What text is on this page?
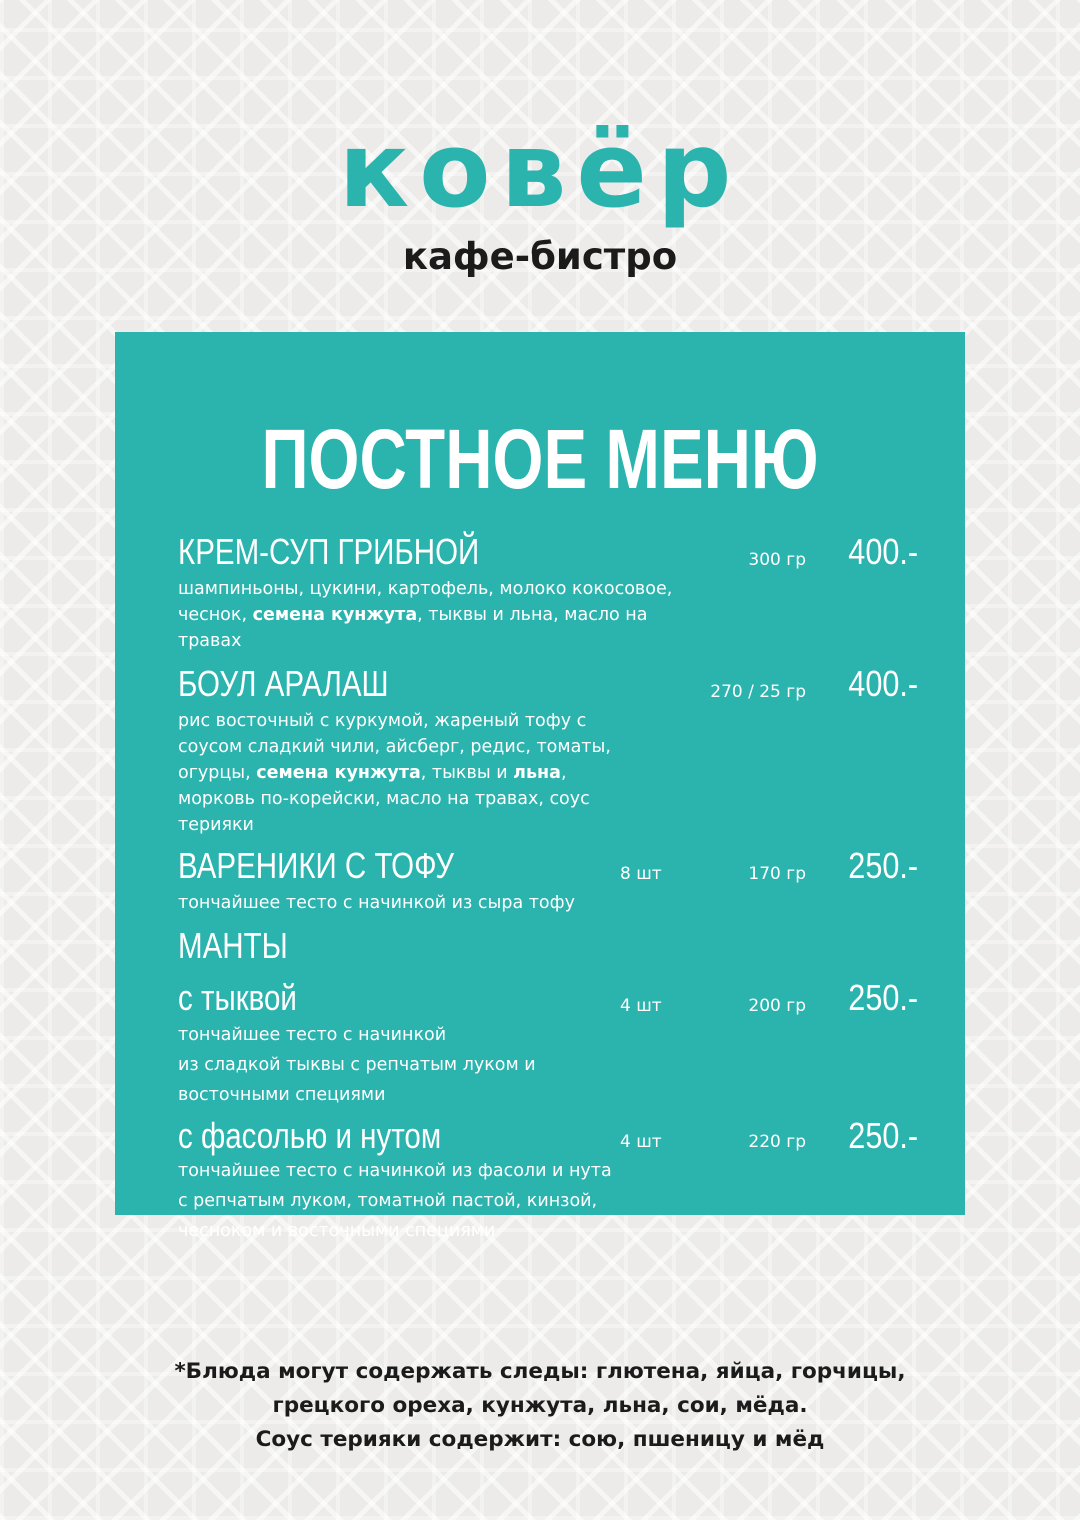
ковёр
кафе-бистро
ПОСТНОЕ МЕНЮ
КРЕМ-СУП ГРИБНОЙ	300 гр 400.-
шампиньоны, цукини, картофель, молоко кокосовое, чеснок, семена кунжута, тыквы и льна, масло на травах
БОУЛ АРАЛАШ	270 / 25 гр 400.-
рис восточный с куркумой, жареный тофу с соусом сладкий чили, айсберг, редис, томаты, огурцы, семена кунжута, тыквы и льна, морковь по-корейски, масло на травах, соус терияки
ВАРЕНИКИ С ТОФУ	8 шт	170 гр 250.-
тончайшее тесто с начинкой из сыра тофу
МАНТЫ
с тыквой	4 шт	200 гр 250.-
тончайшее тесто с начинкой
из сладкой тыквы с репчатым луком и
восточными специями
с фасолью и нутом	4 шт	220 гр 250.-
тончайшее тесто с начинкой из фасоли и нута
с репчатым луком, томатной пастой, кинзой,
чесноком и восточными специями
*Блюда могут содержать следы: глютена, яйца, горчицы,
грецкого ореха, кунжута, льна, сои, мёда.
Соус терияки содержит: сою, пшеницу и мёд
